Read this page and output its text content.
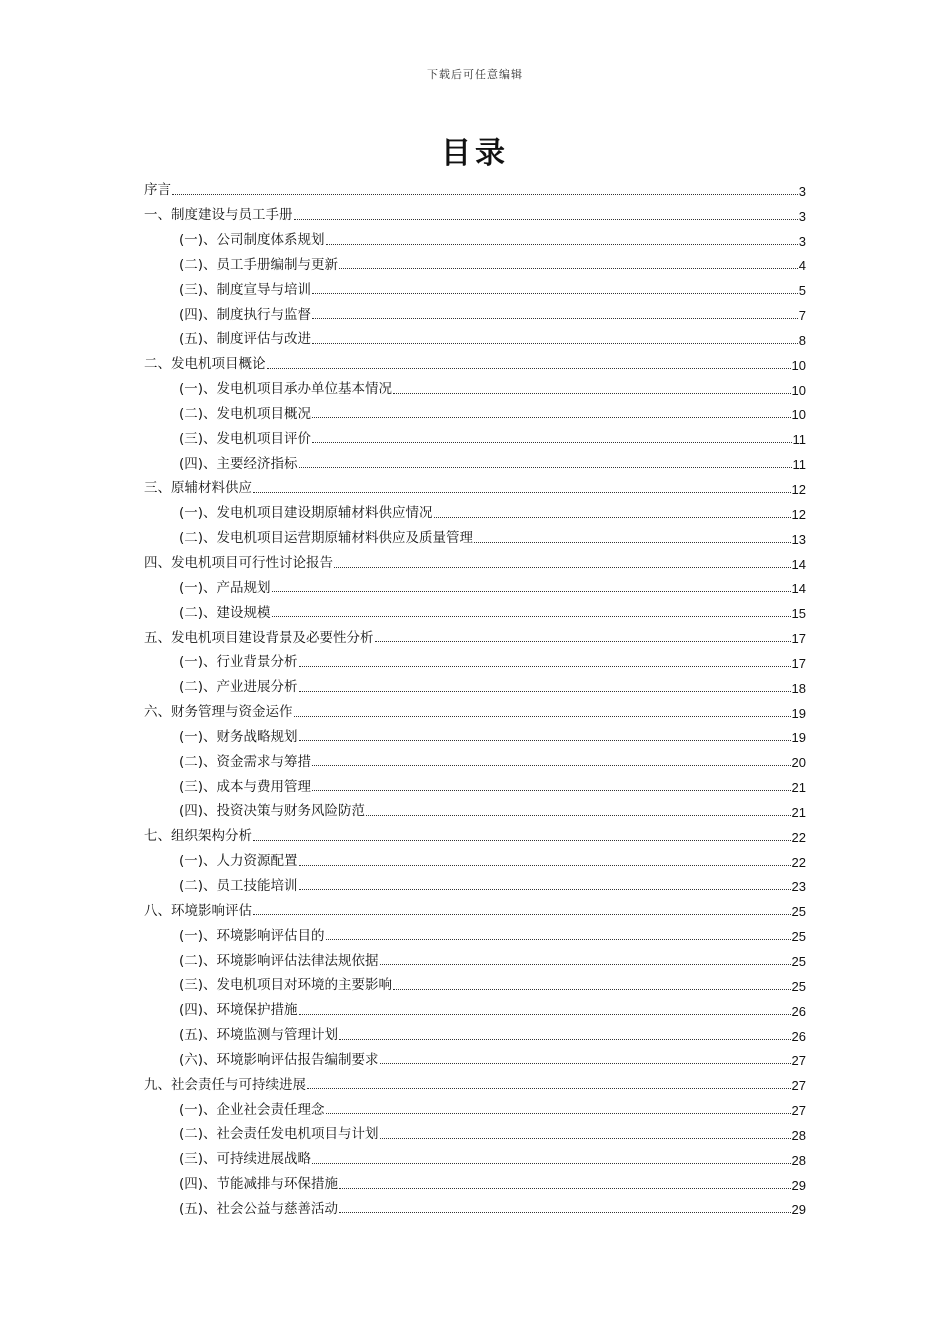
下载后可任意编辑
目录
序言	3
一、制度建设与员工手册	3
(一)、公司制度体系规划	3
(二)、员工手册编制与更新	4
(三)、制度宣导与培训	5
(四)、制度执行与监督	7
(五)、制度评估与改进	8
二、发电机项目概论	10
(一)、发电机项目承办单位基本情况	10
(二)、发电机项目概况	10
(三)、发电机项目评价	11
(四)、主要经济指标	11
三、原辅材料供应	12
(一)、发电机项目建设期原辅材料供应情况	12
(二)、发电机项目运营期原辅材料供应及质量管理	13
四、发电机项目可行性讨论报告	14
(一)、产品规划	14
(二)、建设规模	15
五、发电机项目建设背景及必要性分析	17
(一)、行业背景分析	17
(二)、产业进展分析	18
六、财务管理与资金运作	19
(一)、财务战略规划	19
(二)、资金需求与筹措	20
(三)、成本与费用管理	21
(四)、投资决策与财务风险防范	21
七、组织架构分析	22
(一)、人力资源配置	22
(二)、员工技能培训	23
八、环境影响评估	25
(一)、环境影响评估目的	25
(二)、环境影响评估法律法规依据	25
(三)、发电机项目对环境的主要影响	25
(四)、环境保护措施	26
(五)、环境监测与管理计划	26
(六)、环境影响评估报告编制要求	27
九、社会责任与可持续进展	27
(一)、企业社会责任理念	27
(二)、社会责任发电机项目与计划	28
(三)、可持续进展战略	28
(四)、节能减排与环保措施	29
(五)、社会公益与慈善活动	29
